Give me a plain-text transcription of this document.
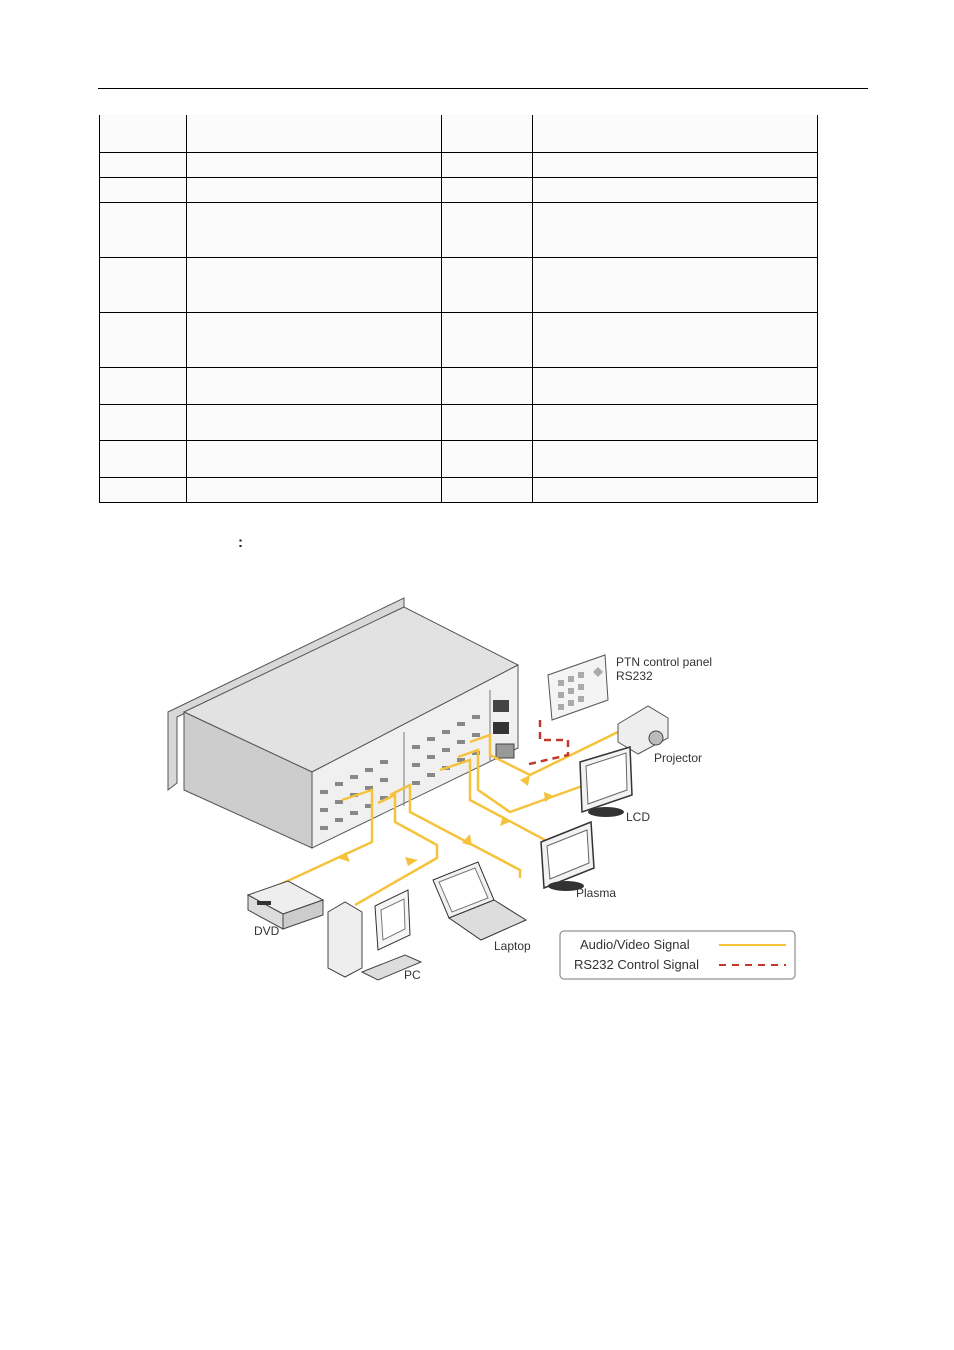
:
PTN control panel
RS232
Projector
LCD
Plasma
DVD
PC
Laptop	Audio/Video Signal
RS232 Control Signal
